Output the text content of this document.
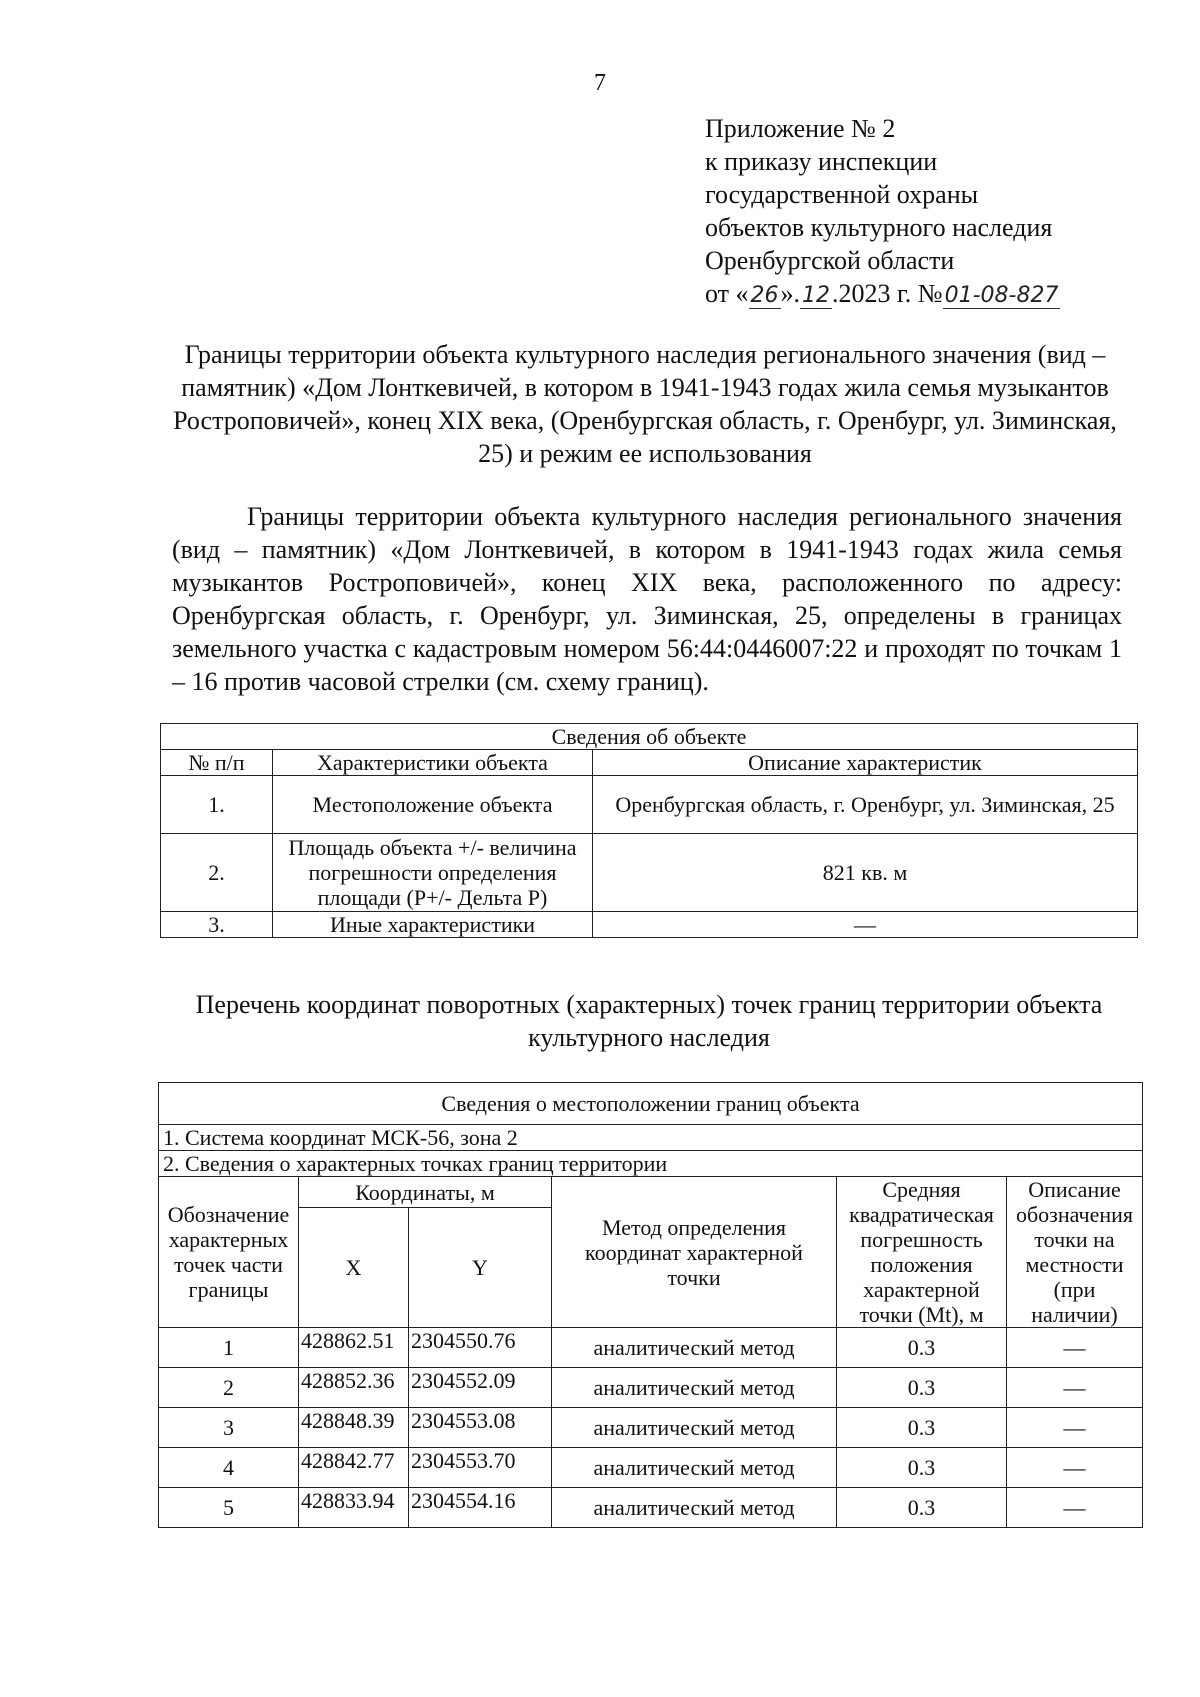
7
Приложение № 2
к приказу инспекции
государственной охраны
объектов культурного наследия
Оренбургской области
от «26».12.2023 г. №01-08-827
Границы территории объекта культурного наследия регионального значения (вид – памятник) «Дом Лонткевичей, в котором в 1941-1943 годах жила семья музыкантов Ростроповичей», конец XIX века, (Оренбургская область, г. Оренбург, ул. Зиминская, 25) и режим ее использования
Границы территории объекта культурного наследия регионального значения (вид – памятник) «Дом Лонткевичей, в котором в 1941-1943 годах жила семья музыкантов Ростроповичей», конец XIX века, расположенного по адресу: Оренбургская область, г. Оренбург, ул. Зиминская, 25, определены в границах земельного участка с кадастровым номером 56:44:0446007:22 и проходят по точкам 1 – 16 против часовой стрелки (см. схему границ).
Сведения об объекте		
№ п/п	Характеристики объекта	Описание характеристик
1.	Местоположение объекта	Оренбургская область, г. Оренбург, ул. Зиминская, 25
2.	Площадь объекта +/- величина погрешности определения площади (Р+/- Дельта Р)	821 кв. м
3.	Иные характеристики	—
Перечень координат поворотных (характерных) точек границ территории объекта культурного наследия
Сведения о местоположении границ объекта					
1. Система координат МСК-56, зона 2					
2. Сведения о характерных точках границ территории					
Обозначение характерных точек части границы	Координаты, м		Метод определения координат характерной точки	Средняя квадратическая погрешность положения характерной точки (Mt), м	Описание обозначения точки на местности (при наличии)
	X	Y			
1	428862.51	2304550.76	аналитический метод	0.3	—
2	428852.36	2304552.09	аналитический метод	0.3	—
3	428848.39	2304553.08	аналитический метод	0.3	—
4	428842.77	2304553.70	аналитический метод	0.3	—
5	428833.94	2304554.16	аналитический метод	0.3	—
